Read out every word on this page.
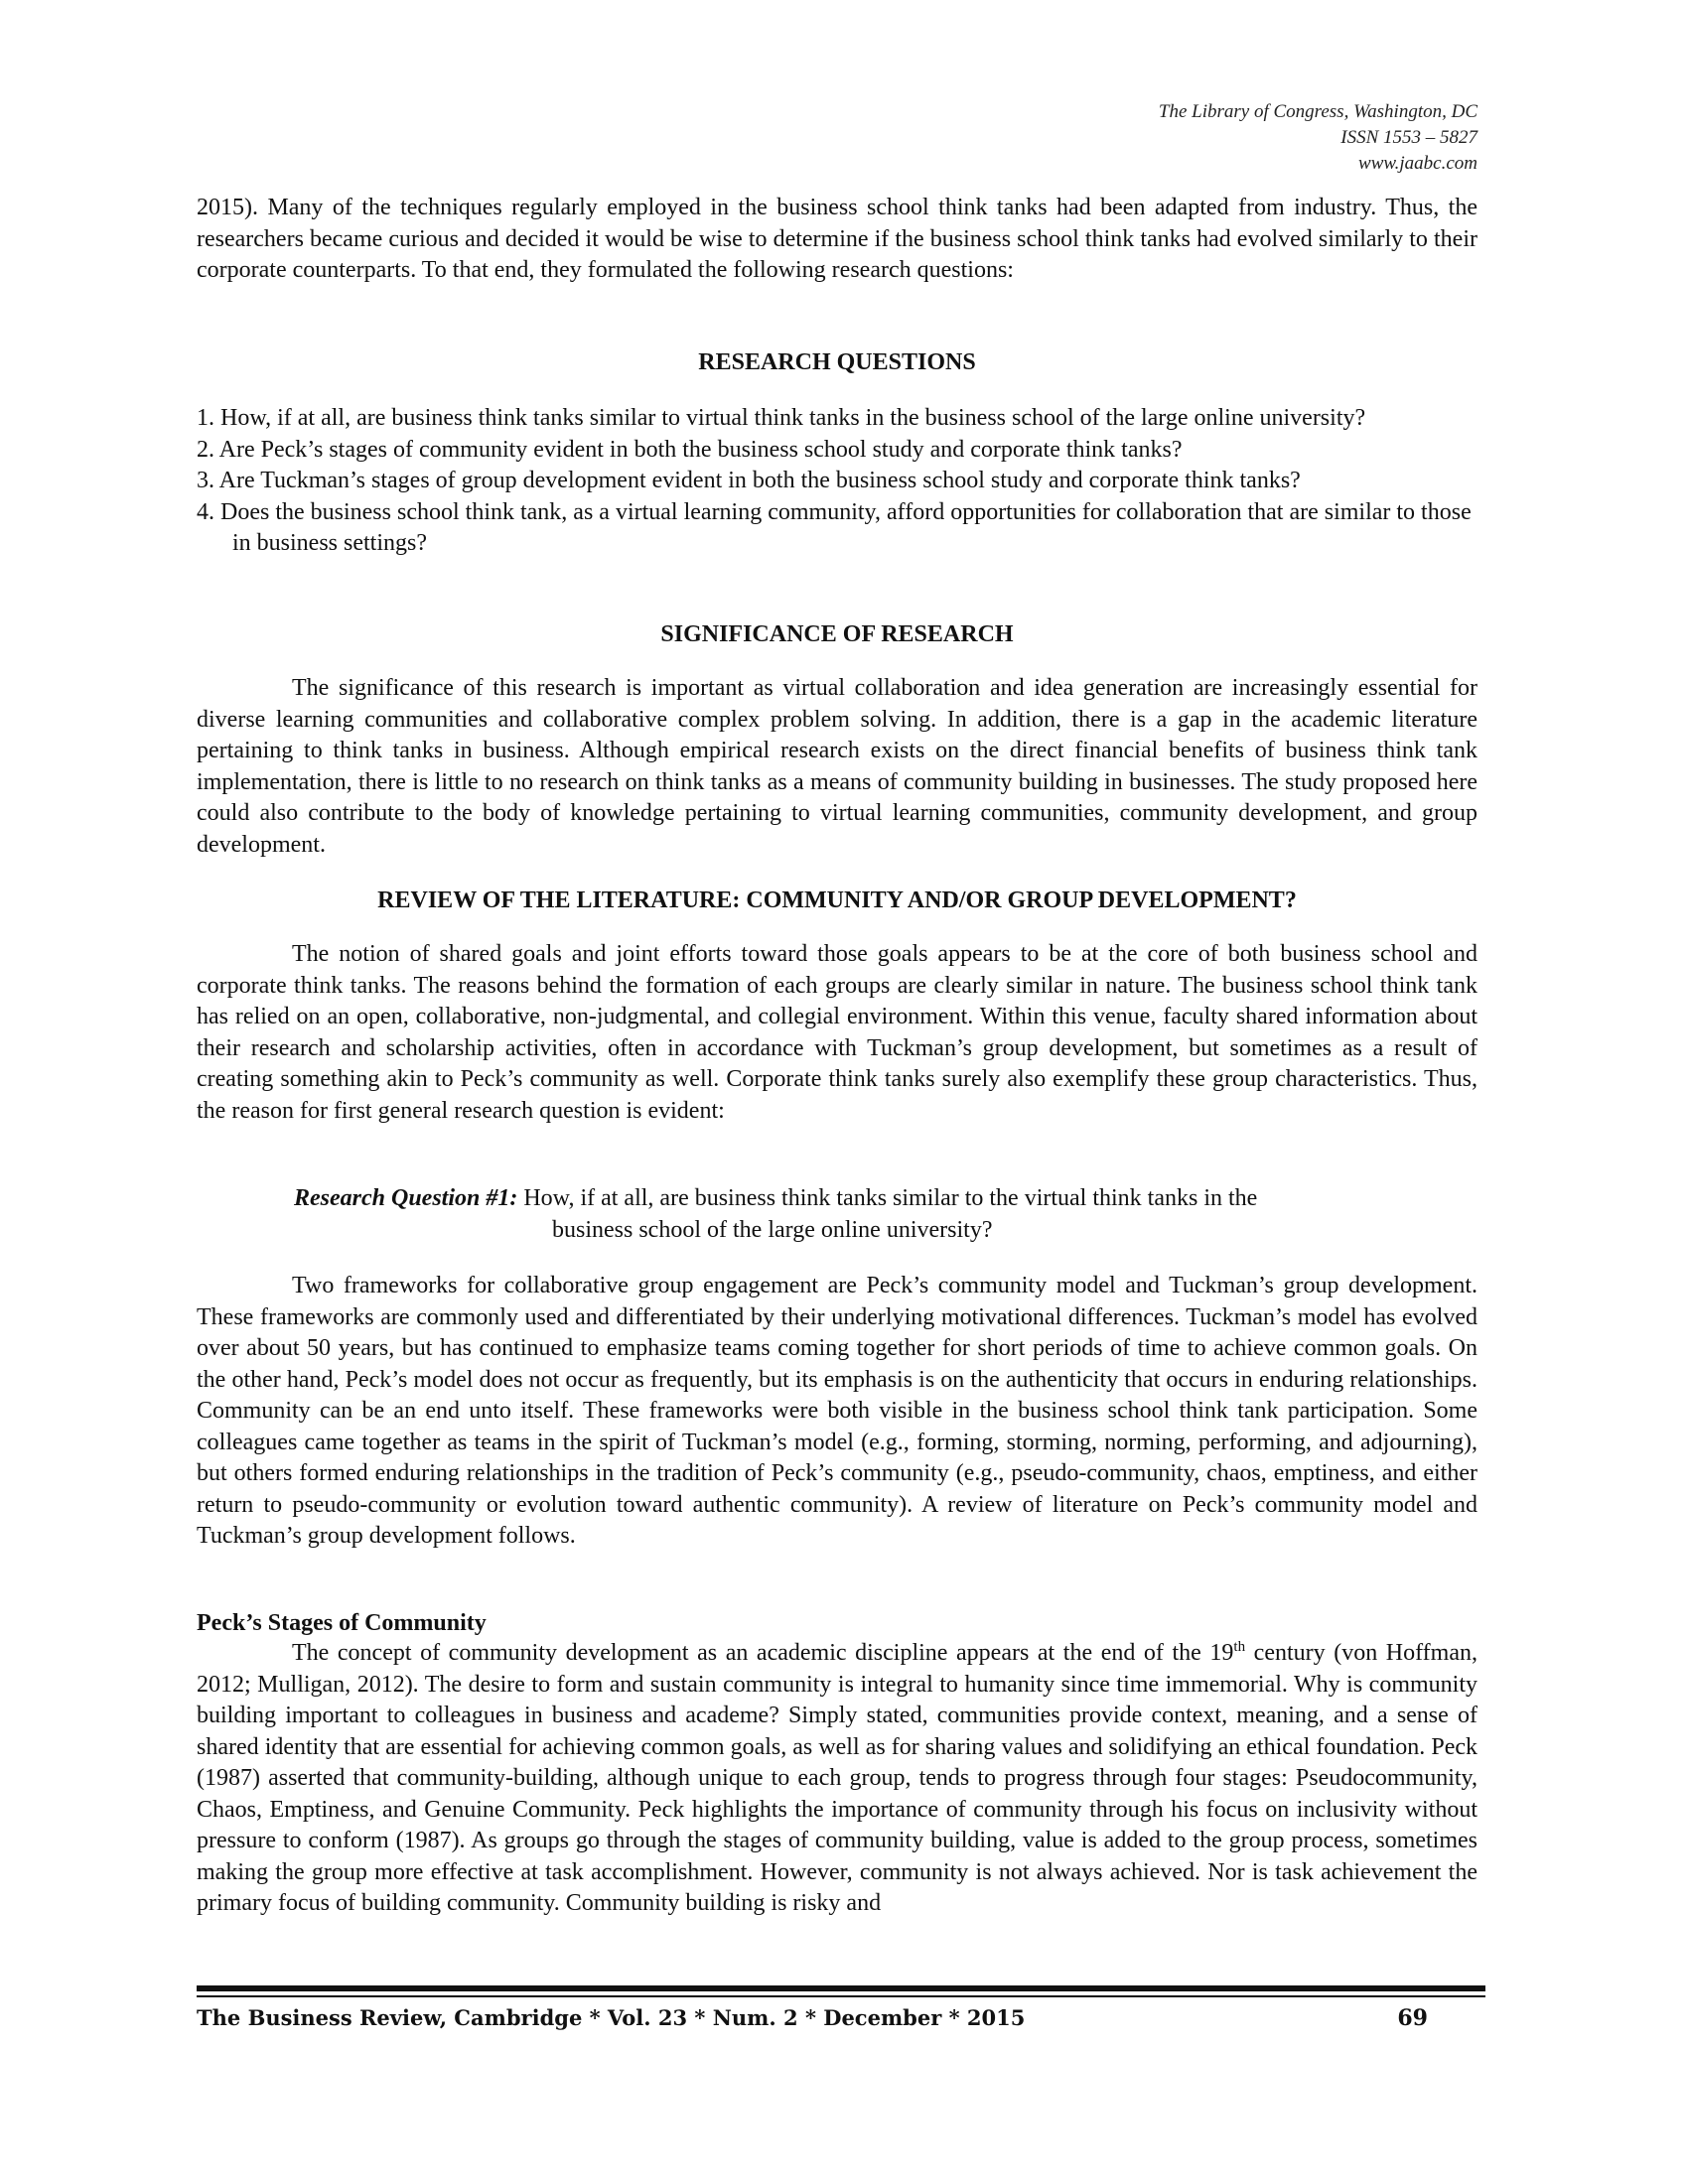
The Library of Congress, Washington, DC
ISSN 1553 – 5827
www.jaabc.com
2015). Many of the techniques regularly employed in the business school think tanks had been adapted from industry. Thus, the researchers became curious and decided it would be wise to determine if the business school think tanks had evolved similarly to their corporate counterparts. To that end, they formulated the following research questions:
RESEARCH QUESTIONS
1. How, if at all, are business think tanks similar to virtual think tanks in the business school of the large online university?
2. Are Peck’s stages of community evident in both the business school study and corporate think tanks?
3. Are Tuckman’s stages of group development evident in both the business school study and corporate think tanks?
4. Does the business school think tank, as a virtual learning community, afford opportunities for collaboration that are similar to those in business settings?
SIGNIFICANCE OF RESEARCH
The significance of this research is important as virtual collaboration and idea generation are increasingly essential for diverse learning communities and collaborative complex problem solving. In addition, there is a gap in the academic literature pertaining to think tanks in business. Although empirical research exists on the direct financial benefits of business think tank implementation, there is little to no research on think tanks as a means of community building in businesses. The study proposed here could also contribute to the body of knowledge pertaining to virtual learning communities, community development, and group development.
REVIEW OF THE LITERATURE: COMMUNITY AND/OR GROUP DEVELOPMENT?
The notion of shared goals and joint efforts toward those goals appears to be at the core of both business school and corporate think tanks. The reasons behind the formation of each groups are clearly similar in nature. The business school think tank has relied on an open, collaborative, non-judgmental, and collegial environment. Within this venue, faculty shared information about their research and scholarship activities, often in accordance with Tuckman’s group development, but sometimes as a result of creating something akin to Peck’s community as well. Corporate think tanks surely also exemplify these group characteristics. Thus, the reason for first general research question is evident:
Research Question #1: How, if at all, are business think tanks similar to the virtual think tanks in the
business school of the large online university?
Two frameworks for collaborative group engagement are Peck’s community model and Tuckman’s group development. These frameworks are commonly used and differentiated by their underlying motivational differences. Tuckman’s model has evolved over about 50 years, but has continued to emphasize teams coming together for short periods of time to achieve common goals. On the other hand, Peck’s model does not occur as frequently, but its emphasis is on the authenticity that occurs in enduring relationships. Community can be an end unto itself. These frameworks were both visible in the business school think tank participation. Some colleagues came together as teams in the spirit of Tuckman’s model (e.g., forming, storming, norming, performing, and adjourning), but others formed enduring relationships in the tradition of Peck’s community (e.g., pseudo-community, chaos, emptiness, and either return to pseudo-community or evolution toward authentic community). A review of literature on Peck’s community model and Tuckman’s group development follows.
Peck’s Stages of Community
The concept of community development as an academic discipline appears at the end of the 19th century (von Hoffman, 2012; Mulligan, 2012). The desire to form and sustain community is integral to humanity since time immemorial. Why is community building important to colleagues in business and academe? Simply stated, communities provide context, meaning, and a sense of shared identity that are essential for achieving common goals, as well as for sharing values and solidifying an ethical foundation. Peck (1987) asserted that community-building, although unique to each group, tends to progress through four stages: Pseudocommunity, Chaos, Emptiness, and Genuine Community. Peck highlights the importance of community through his focus on inclusivity without pressure to conform (1987). As groups go through the stages of community building, value is added to the group process, sometimes making the group more effective at task accomplishment. However, community is not always achieved. Nor is task achievement the primary focus of building community. Community building is risky and
The Business Review, Cambridge * Vol. 23 * Num. 2 * December * 2015	69
